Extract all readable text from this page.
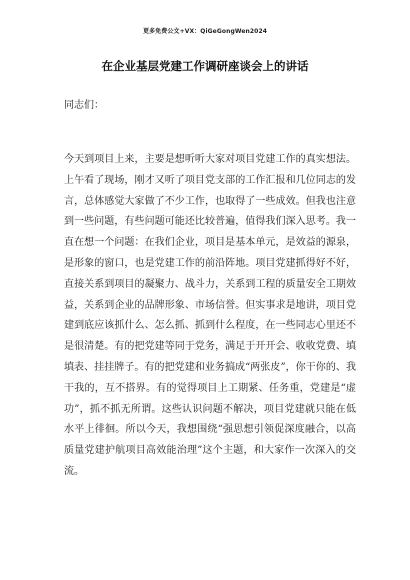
更多免费公文+VX：QiGeGongWen2024
在企业基层党建工作调研座谈会上的讲话

同志们：

今天到项目上来，主要是想听听大家对项目党建工作的真实想法。上午看了现场，刚才又听了项目党支部的工作汇报和几位同志的发言，总体感觉大家做了不少工作，也取得了一些成效。但我也注意到一些问题，有些问题可能还比较普遍，值得我们深入思考。我一直在想一个问题：在我们企业，项目是基本单元，是效益的源泉，是形象的窗口，也是党建工作的前沿阵地。项目党建抓得好不好，直接关系到项目的凝聚力、战斗力，关系到工程的质量安全工期效益，关系到企业的品牌形象、市场信誉。但实事求是地讲，项目党建到底应该抓什么、怎么抓、抓到什么程度，在一些同志心里还不是很清楚。有的把党建等同于党务，满足于开开会、收收党费、填填表、挂挂牌子。有的把党建和业务搞成“两张皮”，你干你的、我干我的，互不搭界。有的觉得项目上工期紧、任务重，党建是“虚功”，抓不抓无所谓。这些认识问题不解决，项目党建就只能在低水平上徘徊。所以今天，我想围绕“强思想引领促深度融合，以高质量党建护航项目高效能治理”这个主题，和大家作一次深入的交流。
